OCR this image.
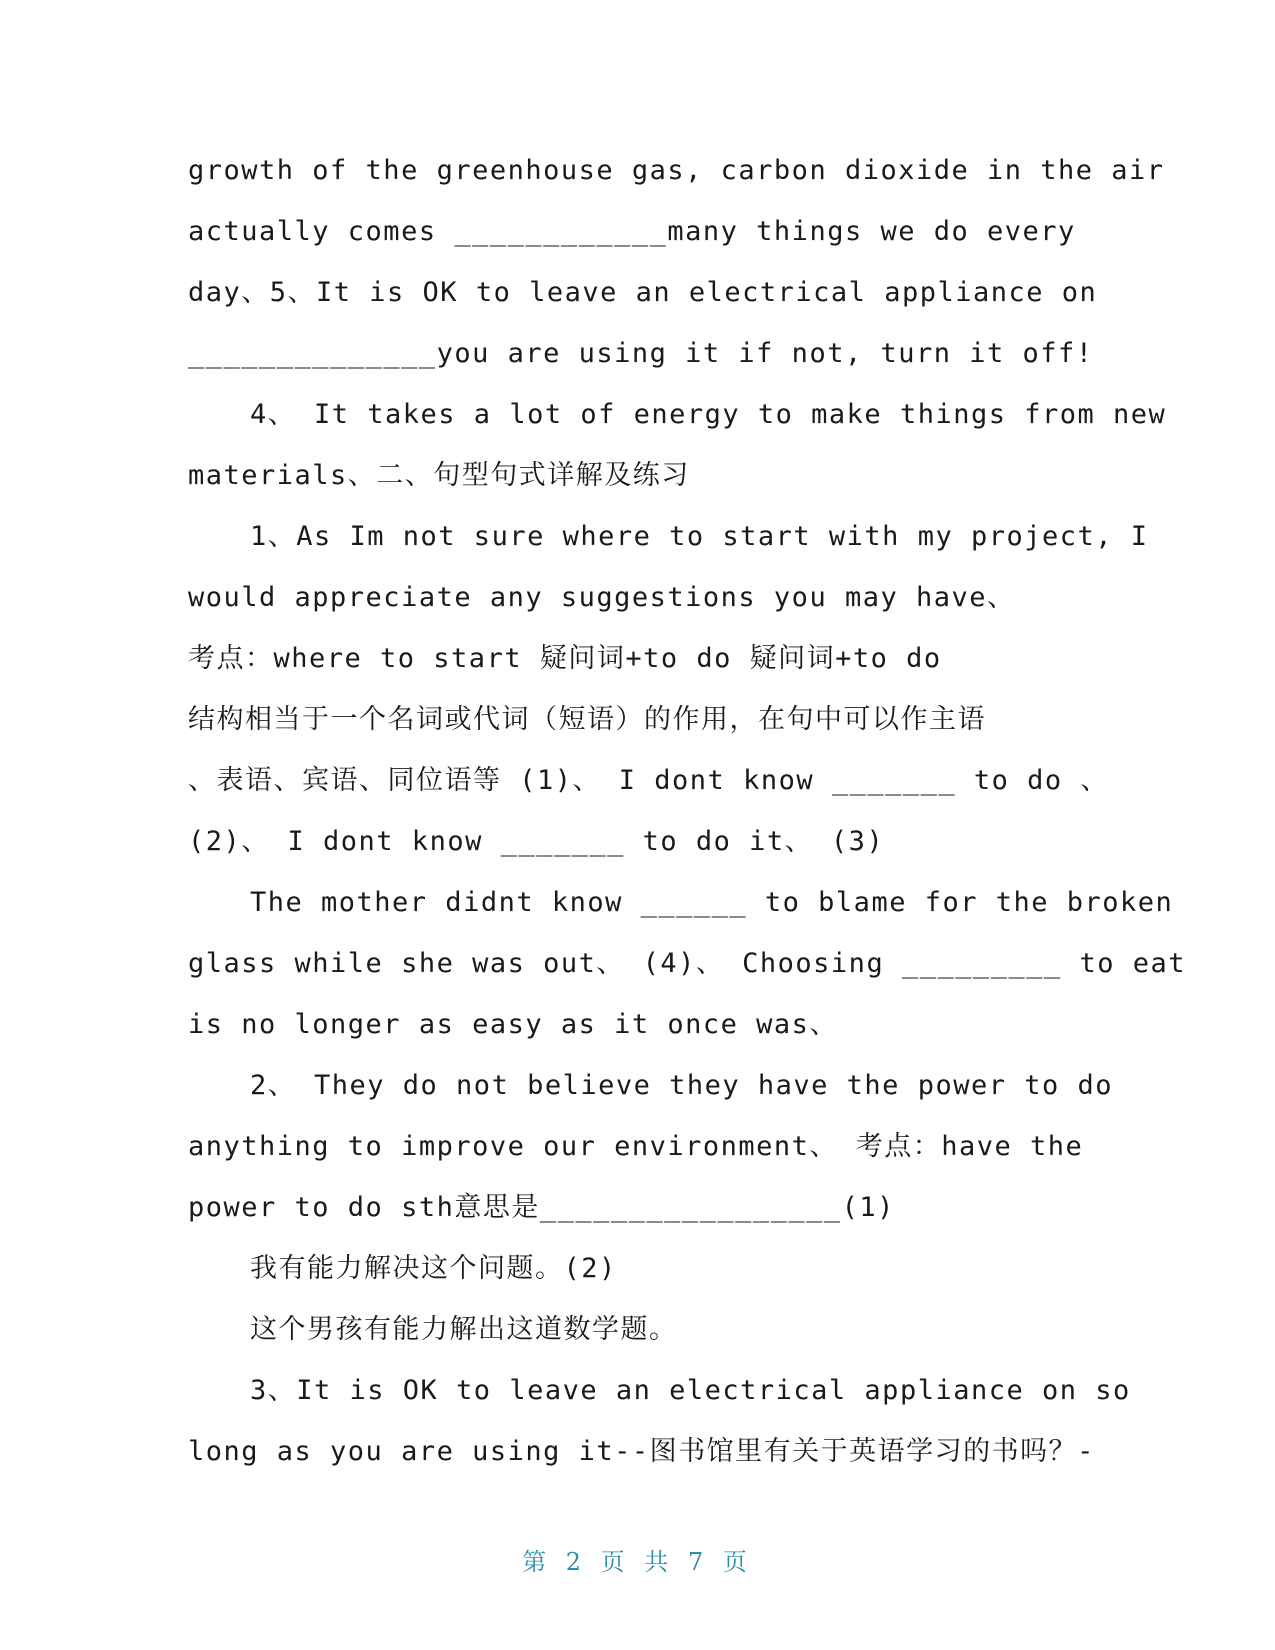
growth of the greenhouse gas, carbon dioxide in the air
actually comes ____________many things we do every
day、5、It is OK to leave an electrical appliance on
______________you are using it if not, turn it off!
4、 It takes a lot of energy to make things from new
materials、二、句型句式详解及练习
1、As Im not sure where to start with my project, I
would appreciate any suggestions you may have、
考点：where to start 疑问词+to do 疑问词+to do
结构相当于一个名词或代词（短语）的作用，在句中可以作主语
、表语、宾语、同位语等 (1)、 I dont know _______ to do 、
(2)、 I dont know _______ to do it、 (3)
The mother didnt know ______ to blame for the broken
glass while she was out、 (4)、 Choosing _________ to eat
is no longer as easy as it once was、
2、 They do not believe they have the power to do
anything to improve our environment、 考点：have the
power to do sth意思是_________________(1)
我有能力解决这个问题。(2)
这个男孩有能力解出这道数学题。
3、It is OK to leave an electrical appliance on so
long as you are using it--图书馆里有关于英语学习的书吗？-
第 2 页 共 7 页
